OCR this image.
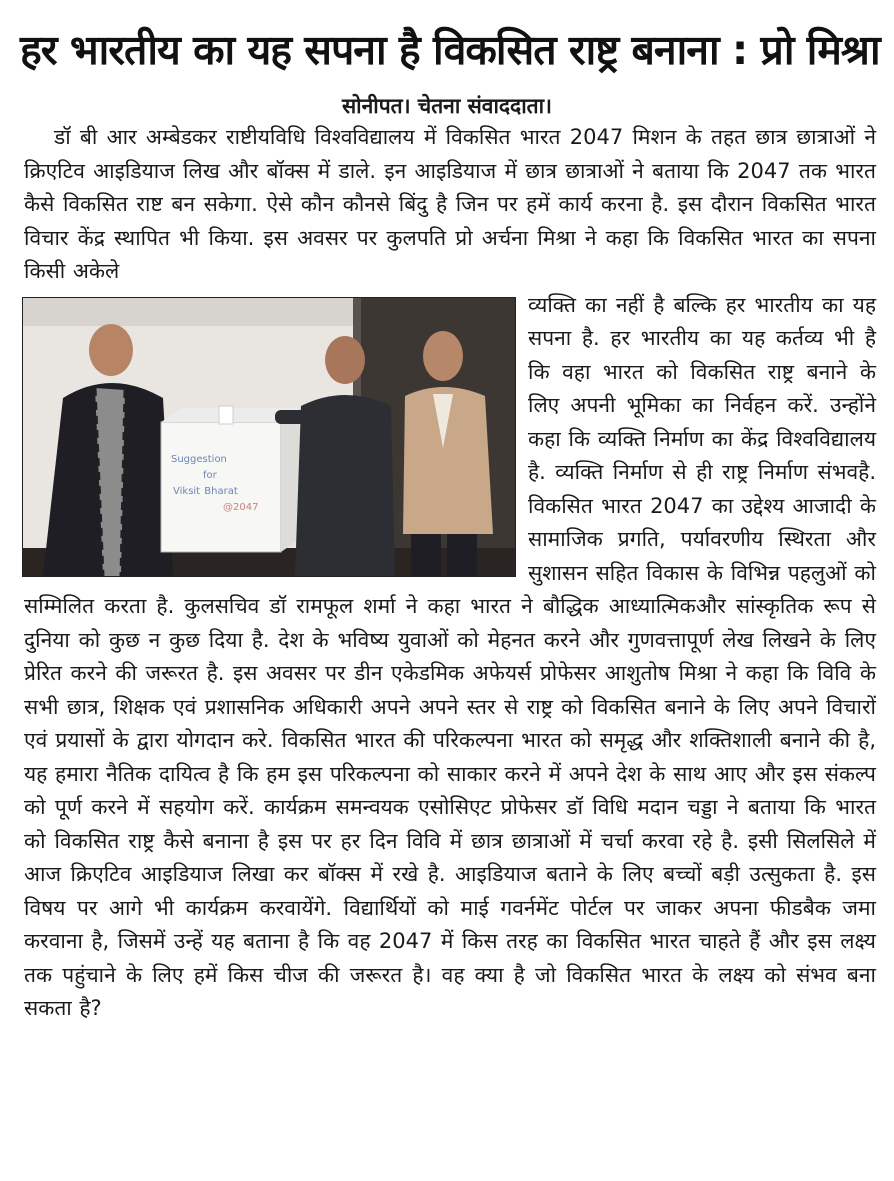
हर भारतीय का यह सपना है विकसित राष्ट्र बनाना : प्रो मिश्रा
सोनीपत। चेतना संवाददाता।

डॉ बी आर अम्बेडकर राष्टीयविधि विश्वविद्यालय में विकसित भारत 2047 मिशन के तहत छात्र छात्राओं ने क्रिएटिव आइडियाज लिख और बॉक्स में डाले. इन आइडियाज में छात्र छात्राओं ने बताया कि 2047 तक भारत कैसे विकसित राष्ट बन सकेगा. ऐसे कौन कौनसे बिंदु है जिन पर हमें कार्य करना है. इस दौरान विकसित भारत विचार केंद्र स्थापित भी किया. इस अवसर पर कुलपति प्रो अर्चना मिश्रा ने कहा कि विकसित भारत का सपना किसी अकेले

Suggestion
for
Viksit Bharat
@2047

व्यक्ति का नहीं है बल्कि हर भारतीय का यह सपना है. हर भारतीय का यह कर्तव्य भी है कि वहा भारत को विकसित राष्ट्र बनाने के लिए अपनी भूमिका का निर्वहन करें. उन्होंने कहा कि व्यक्ति निर्माण का केंद्र विश्वविद्यालय है. व्यक्ति निर्माण से ही राष्ट्र निर्माण संभवहै. विकसित भारत 2047 का उद्देश्य आजादी के सामाजिक प्रगति, पर्यावरणीय स्थिरता और सुशासन सहित विकास के विभिन्न पहलुओं को सम्मिलित करता है. कुलसचिव डॉ रामफूल शर्मा ने कहा भारत ने बौद्धिक आध्यात्मिकऔर सांस्कृतिक रूप से दुनिया को कुछ न कुछ दिया है. देश के भविष्य युवाओं को मेहनत करने और गुणवत्तापूर्ण लेख लिखने के लिए प्रेरित करने की जरूरत है. इस अवसर पर डीन एकेडमिक अफेयर्स प्रोफेसर आशुतोष मिश्रा ने कहा कि विवि के सभी छात्र, शिक्षक एवं प्रशासनिक अधिकारी अपने अपने स्तर से राष्ट्र को विकसित बनाने के लिए अपने विचारों एवं प्रयासों के द्वारा योगदान करे. विकसित भारत की परिकल्पना भारत को समृद्ध और शक्तिशाली बनाने की है, यह हमारा नैतिक दायित्व है कि हम इस परिकल्पना को साकार करने में अपने देश के साथ आए और इस संकल्प को पूर्ण करने में सहयोग करें. कार्यक्रम समन्वयक एसोसिएट प्रोफेसर डॉ विधि मदान चड्डा ने बताया कि भारत को विकसित राष्ट्र कैसे बनाना है इस पर हर दिन विवि में छात्र छात्राओं में चर्चा करवा रहे है. इसी सिलसिले में आज क्रिएटिव आइडियाज लिखा कर बॉक्स में रखे है. आइडियाज बताने के लिए बच्चों बड़ी उत्सुकता है. इस विषय पर आगे भी कार्यक्रम करवायेंगे. विद्यार्थियों को माई गवर्नमेंट पोर्टल पर जाकर अपना फीडबैक जमा करवाना है, जिसमें उन्हें यह बताना है कि वह 2047 में किस तरह का विकसित भारत चाहते हैं और इस लक्ष्य तक पहुंचाने के लिए हमें किस चीज की जरूरत है। वह क्या है जो विकसित भारत के लक्ष्य को संभव बना सकता है?
